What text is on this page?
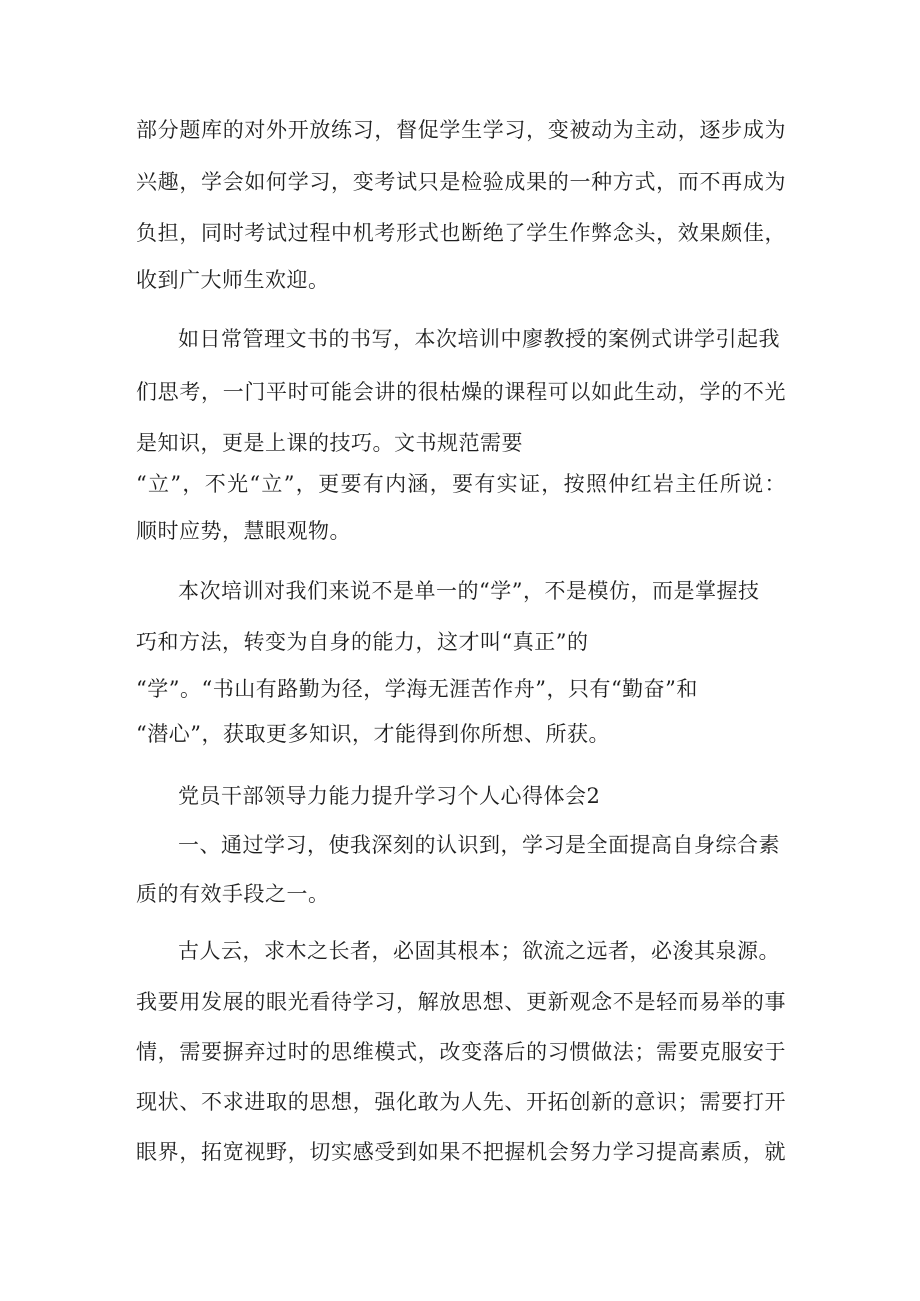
部分题库的对外开放练习，督促学生学习，变被动为主动，逐步成为
兴趣，学会如何学习，变考试只是检验成果的一种方式，而不再成为
负担，同时考试过程中机考形式也断绝了学生作弊念头，效果颇佳，
收到广大师生欢迎。
如日常管理文书的书写，本次培训中廖教授的案例式讲学引起我
们思考，一门平时可能会讲的很枯燥的课程可以如此生动，学的不光
是知识，更是上课的技巧。文书规范需要
“立”，不光“立”，更要有内涵，要有实证，按照仲红岩主任所说：
顺时应势，慧眼观物。
本次培训对我们来说不是单一的“学”，不是模仿，而是掌握技
巧和方法，转变为自身的能力，这才叫“真正”的
“学”。“书山有路勤为径，学海无涯苦作舟”，只有“勤奋”和
“潜心”，获取更多知识，才能得到你所想、所获。
党员干部领导力能力提升学习个人心得体会2
一、通过学习，使我深刻的认识到，学习是全面提高自身综合素
质的有效手段之一。
古人云，求木之长者，必固其根本；欲流之远者，必浚其泉源。
我要用发展的眼光看待学习，解放思想、更新观念不是轻而易举的事
情，需要摒弃过时的思维模式，改变落后的习惯做法；需要克服安于
现状、不求进取的思想，强化敢为人先、开拓创新的意识；需要打开
眼界，拓宽视野，切实感受到如果不把握机会努力学习提高素质，就
